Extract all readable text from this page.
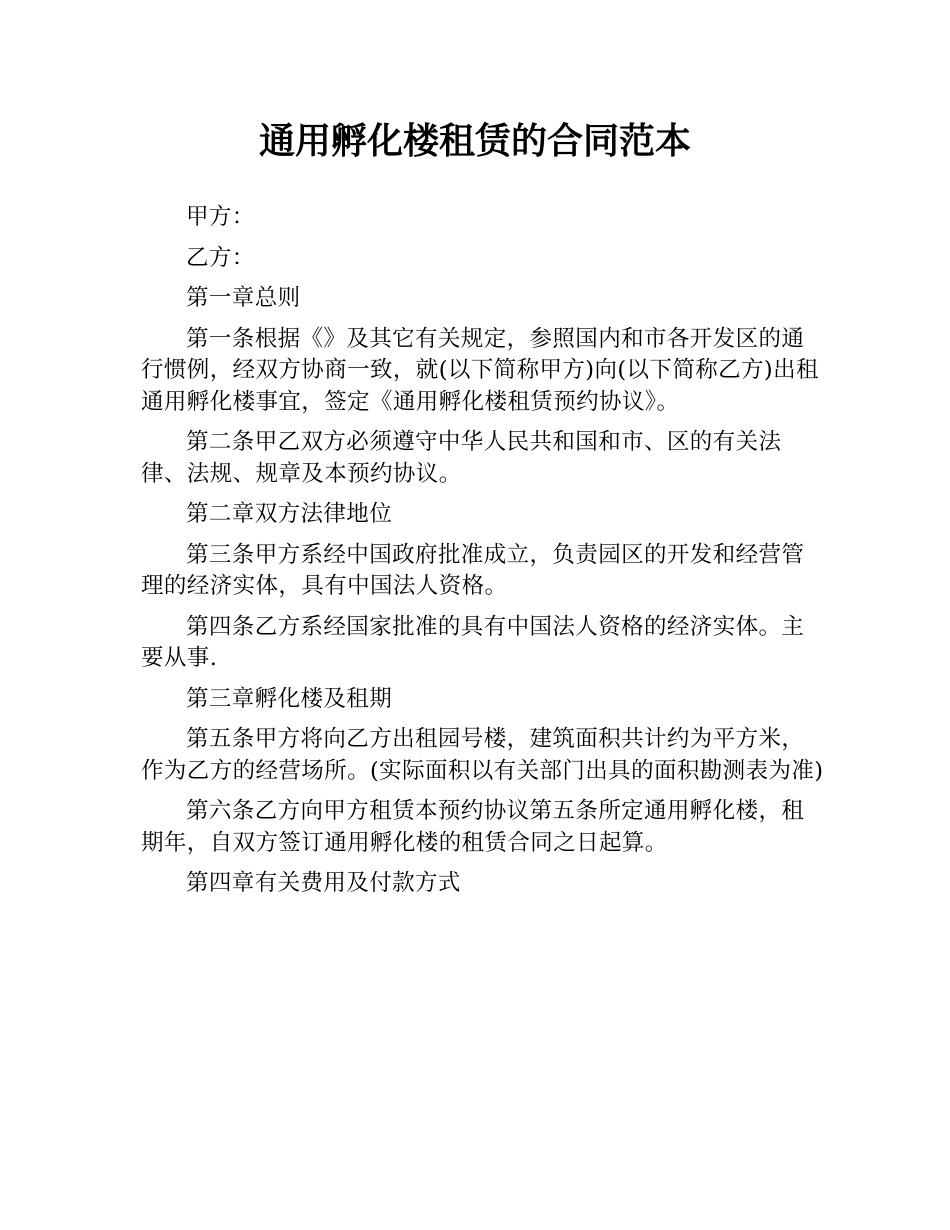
通用孵化楼租赁的合同范本

甲方：

乙方：

第一章总则

第一条根据《》及其它有关规定，参照国内和市各开发区的通行惯例，经双方协商一致，就(以下简称甲方)向(以下简称乙方)出租通用孵化楼事宜，签定《通用孵化楼租赁预约协议》。

第二条甲乙双方必须遵守中华人民共和国和市、区的有关法律、法规、规章及本预约协议。

第二章双方法律地位

第三条甲方系经中国政府批准成立，负责园区的开发和经营管理的经济实体，具有中国法人资格。

第四条乙方系经国家批准的具有中国法人资格的经济实体。主要从事.

第三章孵化楼及租期

第五条甲方将向乙方出租园号楼，建筑面积共计约为平方米，作为乙方的经营场所。(实际面积以有关部门出具的面积勘测表为准)

第六条乙方向甲方租赁本预约协议第五条所定通用孵化楼，租期年，自双方签订通用孵化楼的租赁合同之日起算。

第四章有关费用及付款方式
